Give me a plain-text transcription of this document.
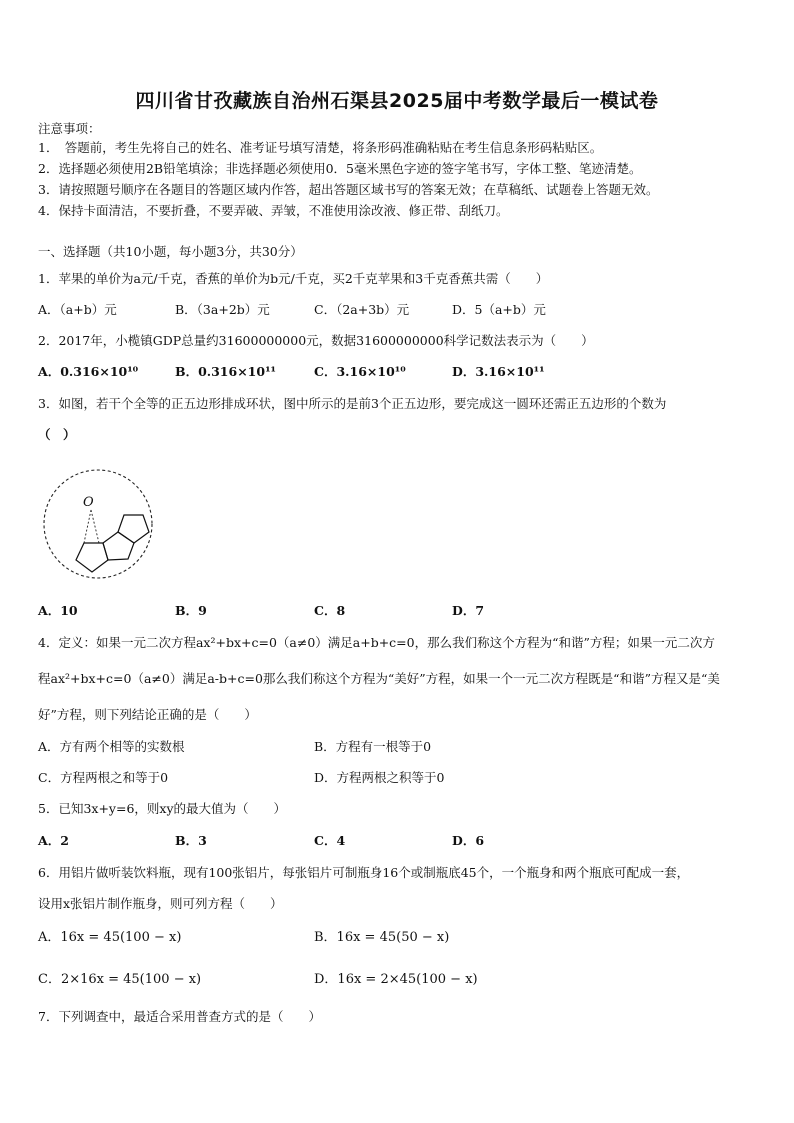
四川省甘孜藏族自治州石渠县2025届中考数学最后一模试卷
注意事项：
1．　答题前，考生先将自己的姓名、准考证号填写清楚，将条形码准确粘贴在考生信息条形码粘贴区。
2．选择题必须使用2B铅笔填涂；非选择题必须使用0．5毫米黑色字迹的签字笔书写，字体工整、笔迹清楚。
3．请按照题号顺序在各题目的答题区域内作答，超出答题区域书写的答案无效；在草稿纸、试题卷上答题无效。
4．保持卡面清洁，不要折叠，不要弄破、弄皱，不准使用涂改液、修正带、刮纸刀。
一、选择题（共10小题，每小题3分，共30分）
1．苹果的单价为a元/千克，香蕉的单价为b元/千克，买2千克苹果和3千克香蕉共需（　　）
A．（a+b）元	B．（3a+2b）元	C．（2a+3b）元	D．5（a+b）元
2．2017年，小榄镇GDP总量约31600000000元，数据31600000000科学记数法表示为（　　）
A．0.316×10¹⁰	B．0.316×10¹¹	C．3.16×10¹⁰	D．3.16×10¹¹
3．如图，若干个全等的正五边形排成环状，图中所示的是前3个正五边形，要完成这一圆环还需正五边形的个数为
（　）
O
A．10	B．9	C．8	D．7
4．定义：如果一元二次方程ax²+bx+c=0（a≠0）满足a+b+c=0，那么我们称这个方程为“和谐”方程；如果一元二次方
程ax²+bx+c=0（a≠0）满足a-b+c=0那么我们称这个方程为“美好”方程，如果一个一元二次方程既是“和谐”方程又是“美
好”方程，则下列结论正确的是（　　）
A．方有两个相等的实数根	B．方程有一根等于0
C．方程两根之和等于0	D．方程两根之积等于0
5．已知3x+y=6，则xy的最大值为（　　）
A．2	B．3	C．4	D．6
6．用铝片做听装饮料瓶，现有100张铝片，每张铝片可制瓶身16个或制瓶底45个，一个瓶身和两个瓶底可配成一套，
设用x张铝片制作瓶身，则可列方程（　　）
A．16x = 45(100 − x)	B．16x = 45(50 − x)
C．2×16x = 45(100 − x)	D．16x = 2×45(100 − x)
7．下列调查中，最适合采用普查方式的是（　　）
